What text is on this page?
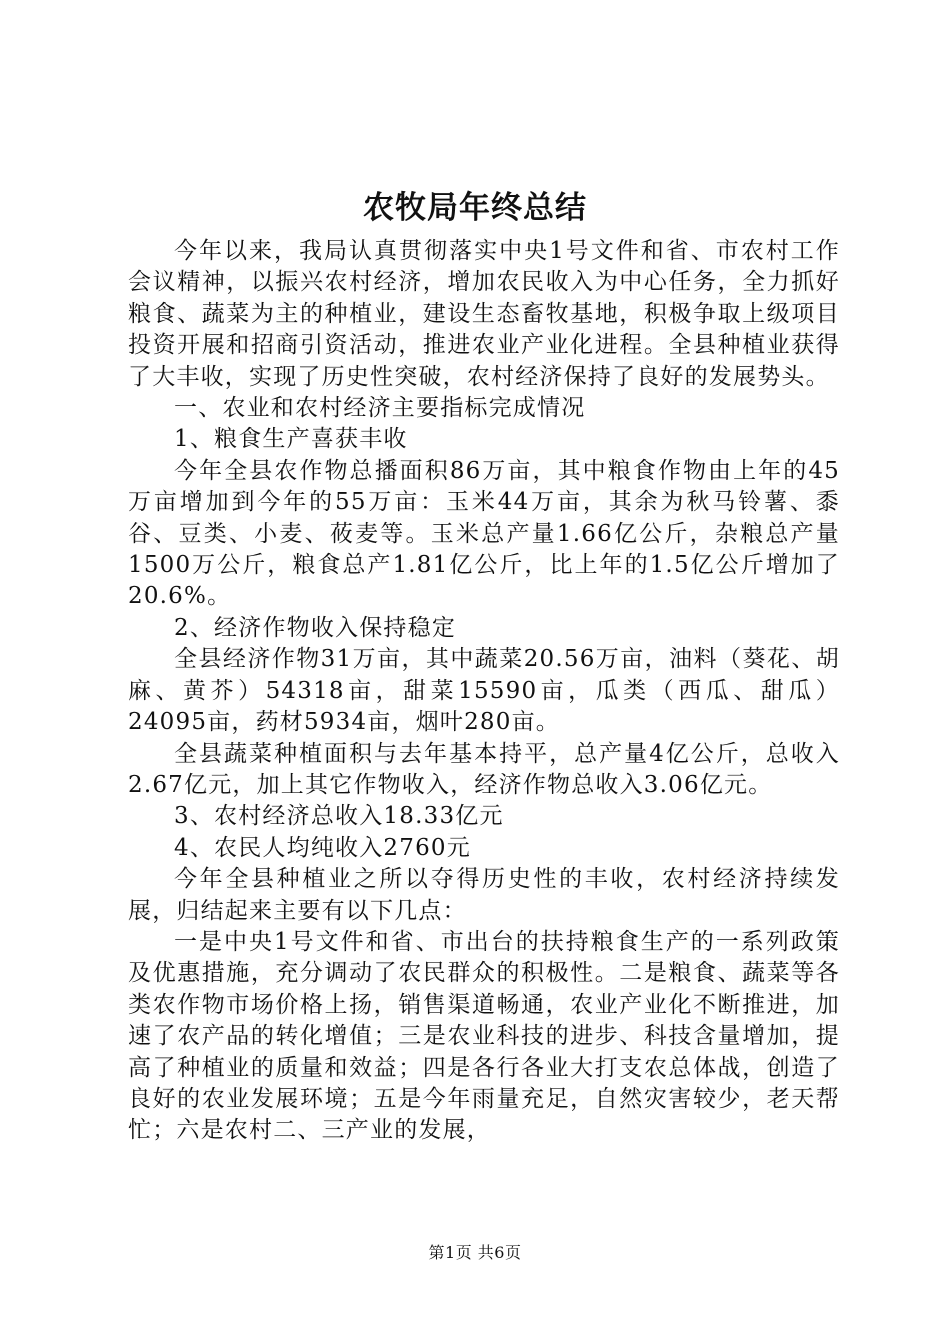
农牧局年终总结

今年以来，我局认真贯彻落实中央1号文件和省、市农村工作会议精神，以振兴农村经济，增加农民收入为中心任务，全力抓好粮食、蔬菜为主的种植业，建设生态畜牧基地，积极争取上级项目投资开展和招商引资活动，推进农业产业化进程。全县种植业获得了大丰收，实现了历史性突破，农村经济保持了良好的发展势头。

一、农业和农村经济主要指标完成情况

1、粮食生产喜获丰收

今年全县农作物总播面积86万亩，其中粮食作物由上年的45万亩增加到今年的55万亩：玉米44万亩，其余为秋马铃薯、黍谷、豆类、小麦、莜麦等。玉米总产量1.66亿公斤，杂粮总产量1500万公斤，粮食总产1.81亿公斤，比上年的1.5亿公斤增加了20.6%。

2、经济作物收入保持稳定

全县经济作物31万亩，其中蔬菜20.56万亩，油料（葵花、胡麻、黄芥）54318亩，甜菜15590亩，瓜类（西瓜、甜瓜）24095亩，药材5934亩，烟叶280亩。

全县蔬菜种植面积与去年基本持平，总产量4亿公斤，总收入2.67亿元，加上其它作物收入，经济作物总收入3.06亿元。

3、农村经济总收入18.33亿元

4、农民人均纯收入2760元

今年全县种植业之所以夺得历史性的丰收，农村经济持续发展，归结起来主要有以下几点：

一是中央1号文件和省、市出台的扶持粮食生产的一系列政策及优惠措施，充分调动了农民群众的积极性。二是粮食、蔬菜等各类农作物市场价格上扬，销售渠道畅通，农业产业化不断推进，加速了农产品的转化增值；三是农业科技的进步、科技含量增加，提高了种植业的质量和效益；四是各行各业大打支农总体战，创造了良好的农业发展环境；五是今年雨量充足，自然灾害较少，老天帮忙；六是农村二、三产业的发展，

第1页 共6页
